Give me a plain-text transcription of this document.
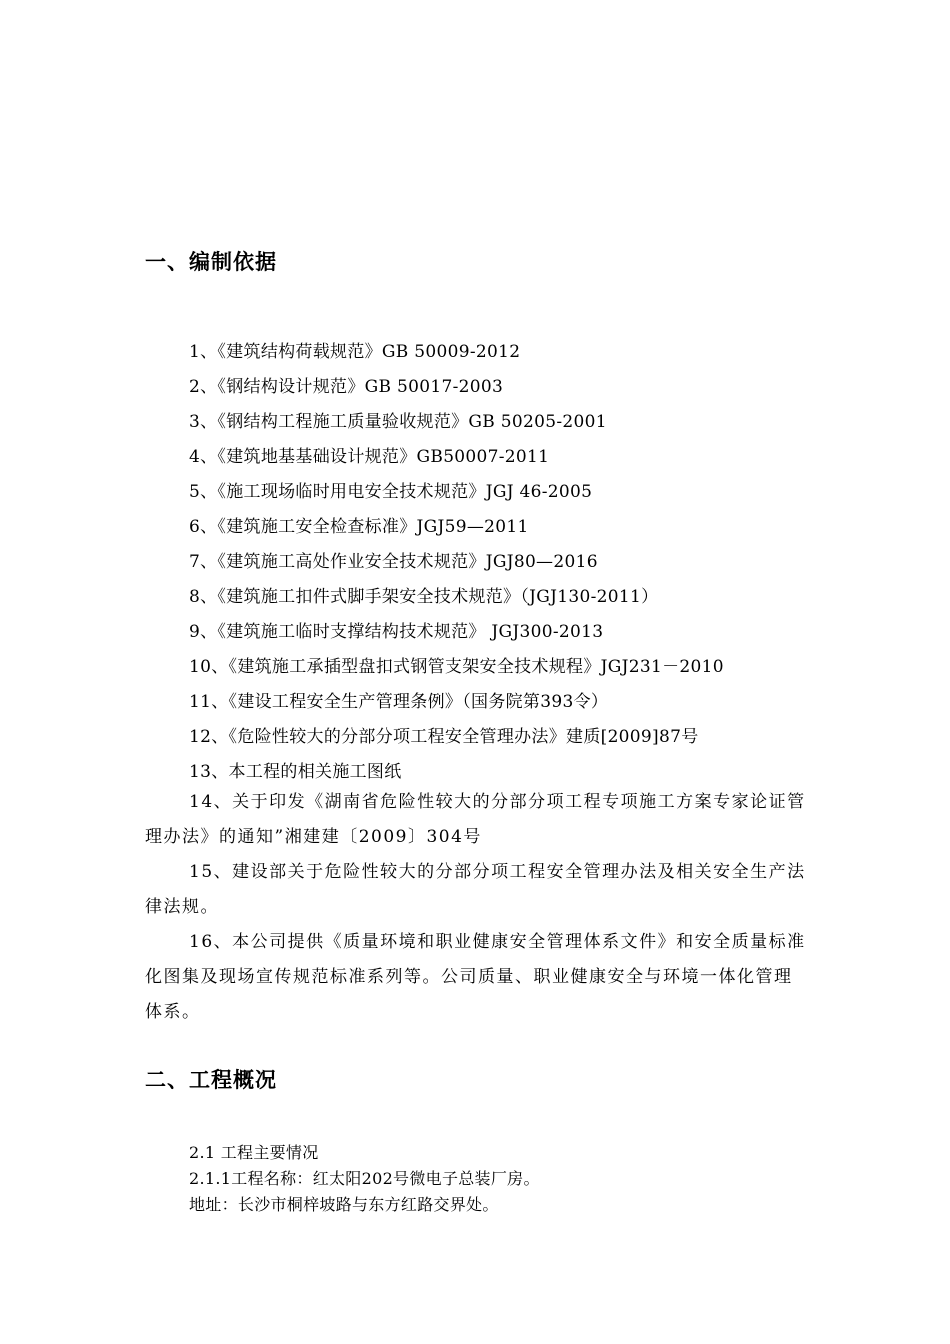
一、编制依据
1、《建筑结构荷载规范》GB 50009-2012
2、《钢结构设计规范》GB 50017-2003
3、《钢结构工程施工质量验收规范》GB 50205-2001
4、《建筑地基基础设计规范》GB50007-2011
5、《施工现场临时用电安全技术规范》JGJ 46-2005
6、《建筑施工安全检查标准》JGJ59—2011
7、《建筑施工高处作业安全技术规范》JGJ80—2016
8、《建筑施工扣件式脚手架安全技术规范》（JGJ130-2011）
9、《建筑施工临时支撑结构技术规范》 JGJ300-2013
10、《建筑施工承插型盘扣式钢管支架安全技术规程》JGJ231－2010
11、《建设工程安全生产管理条例》（国务院第393令）
12、《危险性较大的分部分项工程安全管理办法》建质[2009]87号
13、本工程的相关施工图纸
14、关于印发《湖南省危险性较大的分部分项工程专项施工方案专家论证管理办法》的通知”湘建建〔2009〕304号
15、建设部关于危险性较大的分部分项工程安全管理办法及相关安全生产法律法规。
16、本公司提供《质量环境和职业健康安全管理体系文件》和安全质量标准化图集及现场宣传规范标准系列等。公司质量、职业健康安全与环境一体化管理体系。
二、工程概况
2.1 工程主要情况
2.1.1工程名称：红太阳202号微电子总装厂房。
地址：长沙市桐梓坡路与东方红路交界处。
